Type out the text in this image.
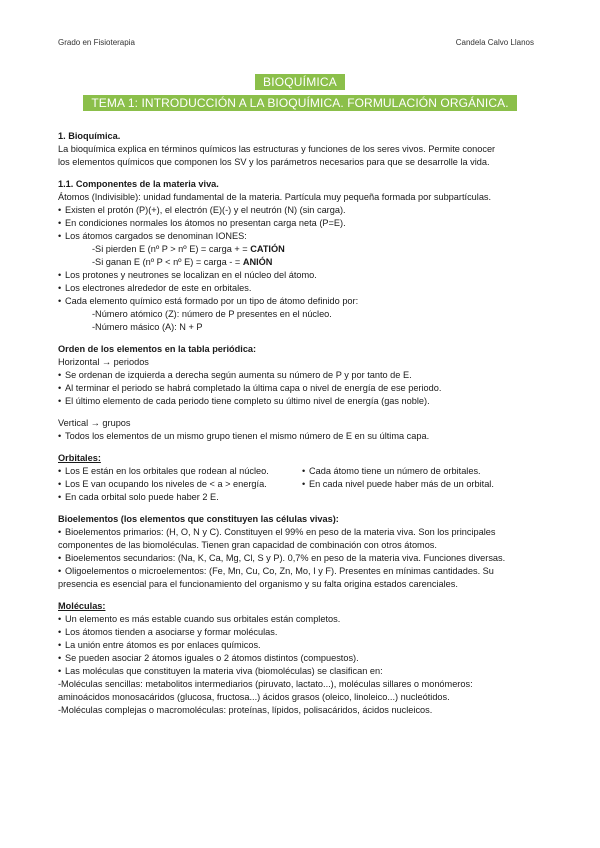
Grado en Fisioterapia	Candela Calvo Llanos
BIOQUÍMICA
TEMA 1: INTRODUCCIÓN A LA BIOQUÍMICA. FORMULACIÓN ORGÁNICA.

1. Bioquímica.

La bioquímica explica en términos químicos las estructuras y funciones de los seres vivos. Permite conocer

los elementos químicos que componen los SV y los parámetros necesarios para que se desarrolle la vida.

1.1. Componentes de la materia viva.

Átomos (Indivisible): unidad fundamental de la materia. Partícula muy pequeña formada por subpartículas.

• Existen el protón (P)(+), el electrón (E)(-) y el neutrón (N) (sin carga).

• En condiciones normales los átomos no presentan carga neta (P=E).

• Los átomos cargados se denominan IONES:

-Si pierden E (nº P > nº E) = carga + = CATIÓN

-Si ganan E (nº P < nº E) = carga - = ANIÓN

• Los protones y neutrones se localizan en el núcleo del átomo.

• Los electrones alrededor de este en orbitales.

• Cada elemento químico está formado por un tipo de átomo definido por:

-Número atómico (Z): número de P presentes en el núcleo.

-Número másico (A): N + P

Orden de los elementos en la tabla periódica:

Horizontal → periodos

• Se ordenan de izquierda a derecha según aumenta su número de P y por tanto de E.

• Al terminar el periodo se habrá completado la última capa o nivel de energía de ese periodo.

• El último elemento de cada periodo tiene completo su último nivel de energía (gas noble).

Vertical → grupos

• Todos los elementos de un mismo grupo tienen el mismo número de E en su última capa.

Orbitales:

• Los E están en los orbitales que rodean al núcleo.

• Los E van ocupando los niveles de < a > energía.

• En cada orbital solo puede haber 2 E.

• Cada átomo tiene un número de orbitales.

• En cada nivel puede haber más de un orbital.

Bioelementos (los elementos que constituyen las células vivas):

• Bioelementos primarios: (H, O, N y C). Constituyen el 99% en peso de la materia viva. Son los principales

componentes de las biomoléculas. Tienen gran capacidad de combinación con otros átomos.

• Bioelementos secundarios: (Na, K, Ca, Mg, Cl, S y P). 0,7% en peso de la materia viva. Funciones diversas.

• Oligoelementos o microelementos: (Fe, Mn, Cu, Co, Zn, Mo, I y F). Presentes en mínimas cantidades. Su

presencia es esencial para el funcionamiento del organismo y su falta origina estados carenciales.

Moléculas:

• Un elemento es más estable cuando sus orbitales están completos.

• Los átomos tienden a asociarse y formar moléculas.

• La unión entre átomos es por enlaces químicos.

• Se pueden asociar 2 átomos iguales o 2 átomos distintos (compuestos).

• Las moléculas que constituyen la materia viva (biomoléculas) se clasifican en:

-Moléculas sencillas: metabolitos intermediarios (piruvato, lactato...), moléculas sillares o monómeros:

aminoácidos monosacáridos (glucosa, fructosa...) ácidos grasos (oleico, linoleico...) nucleótidos.

-Moléculas complejas o macromoléculas: proteínas, lípidos, polisacáridos, ácidos nucleicos.
